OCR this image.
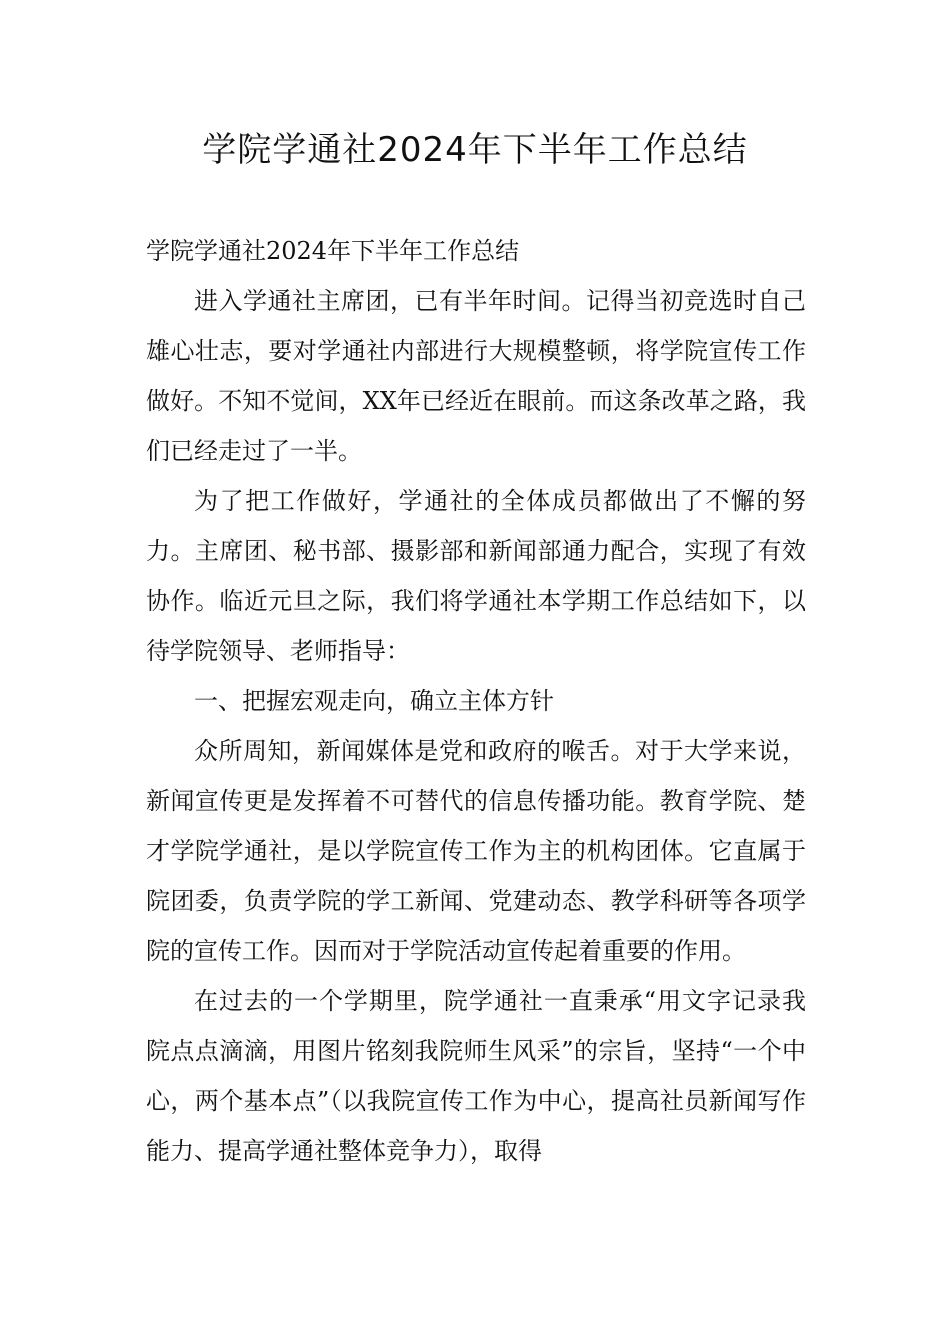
学院学通社2024年下半年工作总结

学院学通社2024年下半年工作总结

进入学通社主席团，已有半年时间。记得当初竞选时自己雄心壮志，要对学通社内部进行大规模整顿，将学院宣传工作做好。不知不觉间，XX年已经近在眼前。而这条改革之路，我们已经走过了一半。

为了把工作做好，学通社的全体成员都做出了不懈的努力。主席团、秘书部、摄影部和新闻部通力配合，实现了有效协作。临近元旦之际，我们将学通社本学期工作总结如下，以待学院领导、老师指导：

一、把握宏观走向，确立主体方针

众所周知，新闻媒体是党和政府的喉舌。对于大学来说，新闻宣传更是发挥着不可替代的信息传播功能。教育学院、楚才学院学通社，是以学院宣传工作为主的机构团体。它直属于院团委，负责学院的学工新闻、党建动态、教学科研等各项学院的宣传工作。因而对于学院活动宣传起着重要的作用。

在过去的一个学期里，院学通社一直秉承“用文字记录我院点点滴滴，用图片铭刻我院师生风采”的宗旨，坚持“一个中心，两个基本点”（以我院宣传工作为中心，提高社员新闻写作能力、提高学通社整体竞争力），取得
